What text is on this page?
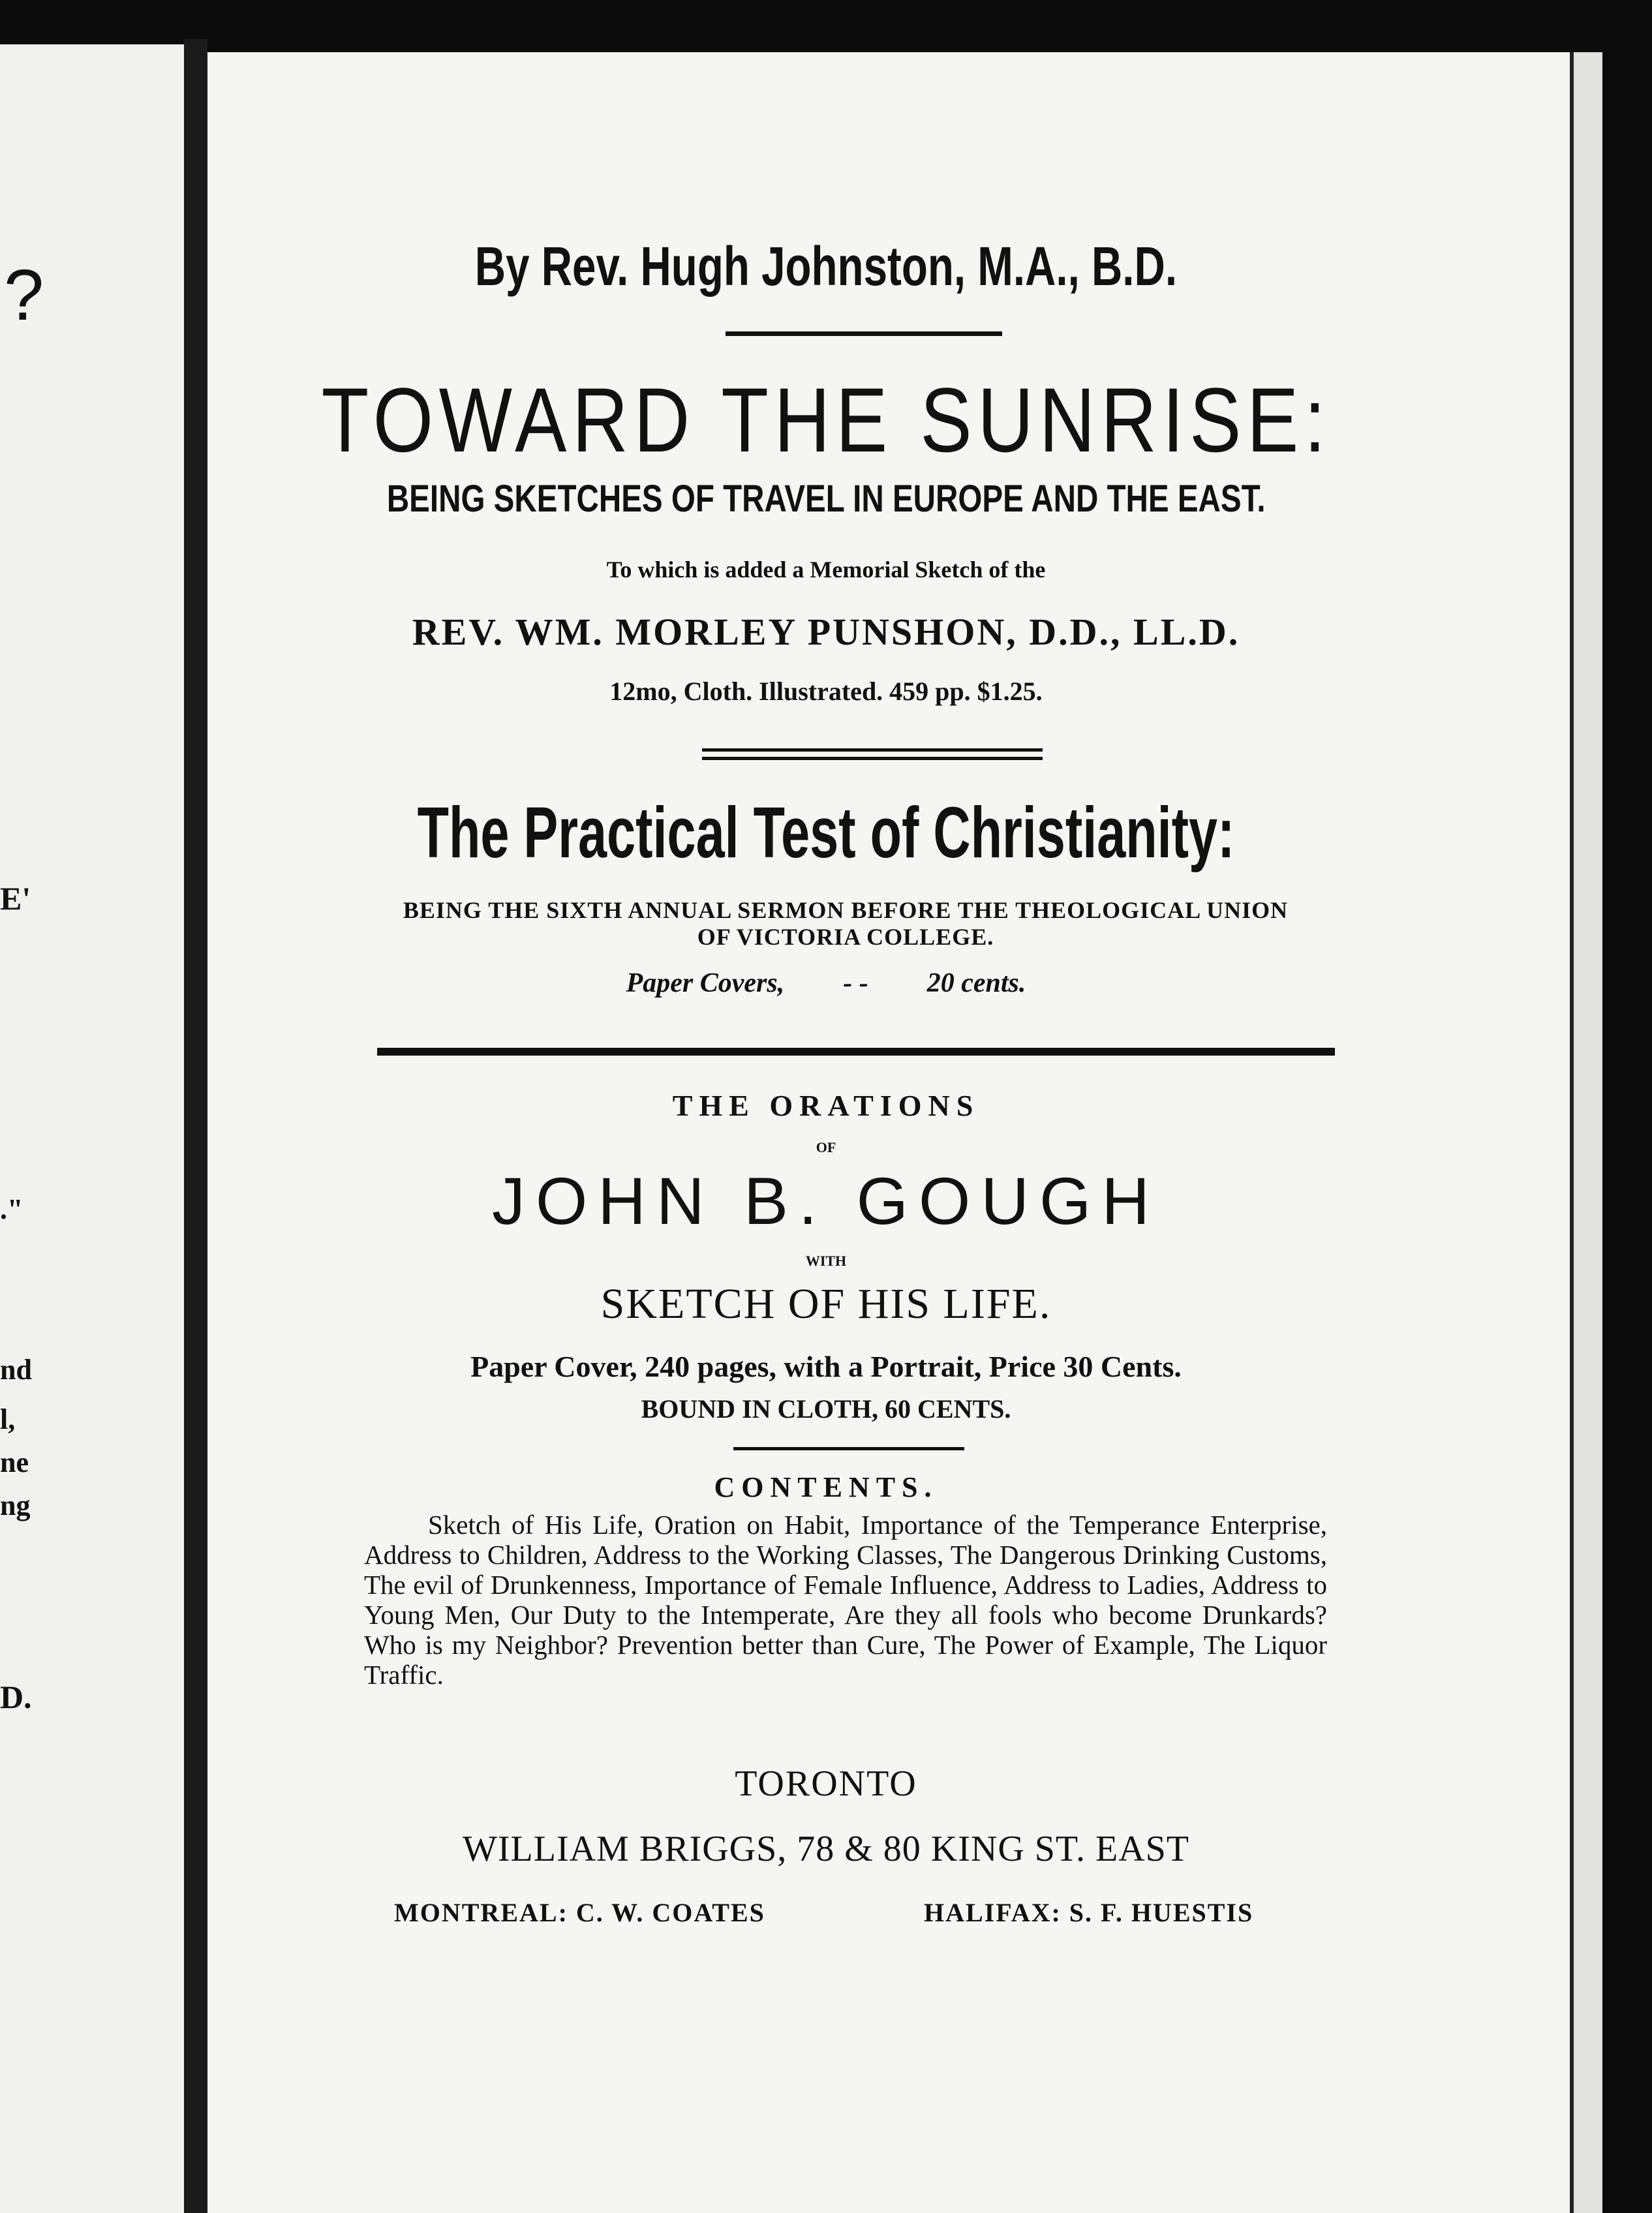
?
E'
."
nd
l,
ne
ng
D.
By Rev. Hugh Johnston, M.A., B.D.
TOWARD THE SUNRISE:
BEING SKETCHES OF TRAVEL IN EUROPE AND THE EAST.
To which is added a Memorial Sketch of the
REV. WM. MORLEY PUNSHON, D.D., LL.D.
12mo, Cloth. Illustrated. 459 pp. $1.25.
The Practical Test of Christianity:
BEING THE SIXTH ANNUAL SERMON BEFORE THE THEOLOGICAL UNION
OF VICTORIA COLLEGE.
Paper Covers, - - 20 cents.
THE ORATIONS
OF
JOHN B. GOUGH
WITH
SKETCH OF HIS LIFE.
Paper Cover, 240 pages, with a Portrait, Price 30 Cents.
BOUND IN CLOTH, 60 CENTS.
CONTENTS.
Sketch of His Life, Oration on Habit, Importance of the Temperance Enterprise, Address to Children, Address to the Working Classes, The Dangerous Drinking Customs, The evil of Drunkenness, Importance of Female Influence, Address to Ladies, Address to Young Men, Our Duty to the Intemperate, Are they all fools who become Drunkards? Who is my Neighbor? Prevention better than Cure, The Power of Example, The Liquor Traffic.
TORONTO
WILLIAM BRIGGS, 78 & 80 KING ST. EAST
MONTREAL: C. W. COATES	HALIFAX: S. F. HUESTIS
